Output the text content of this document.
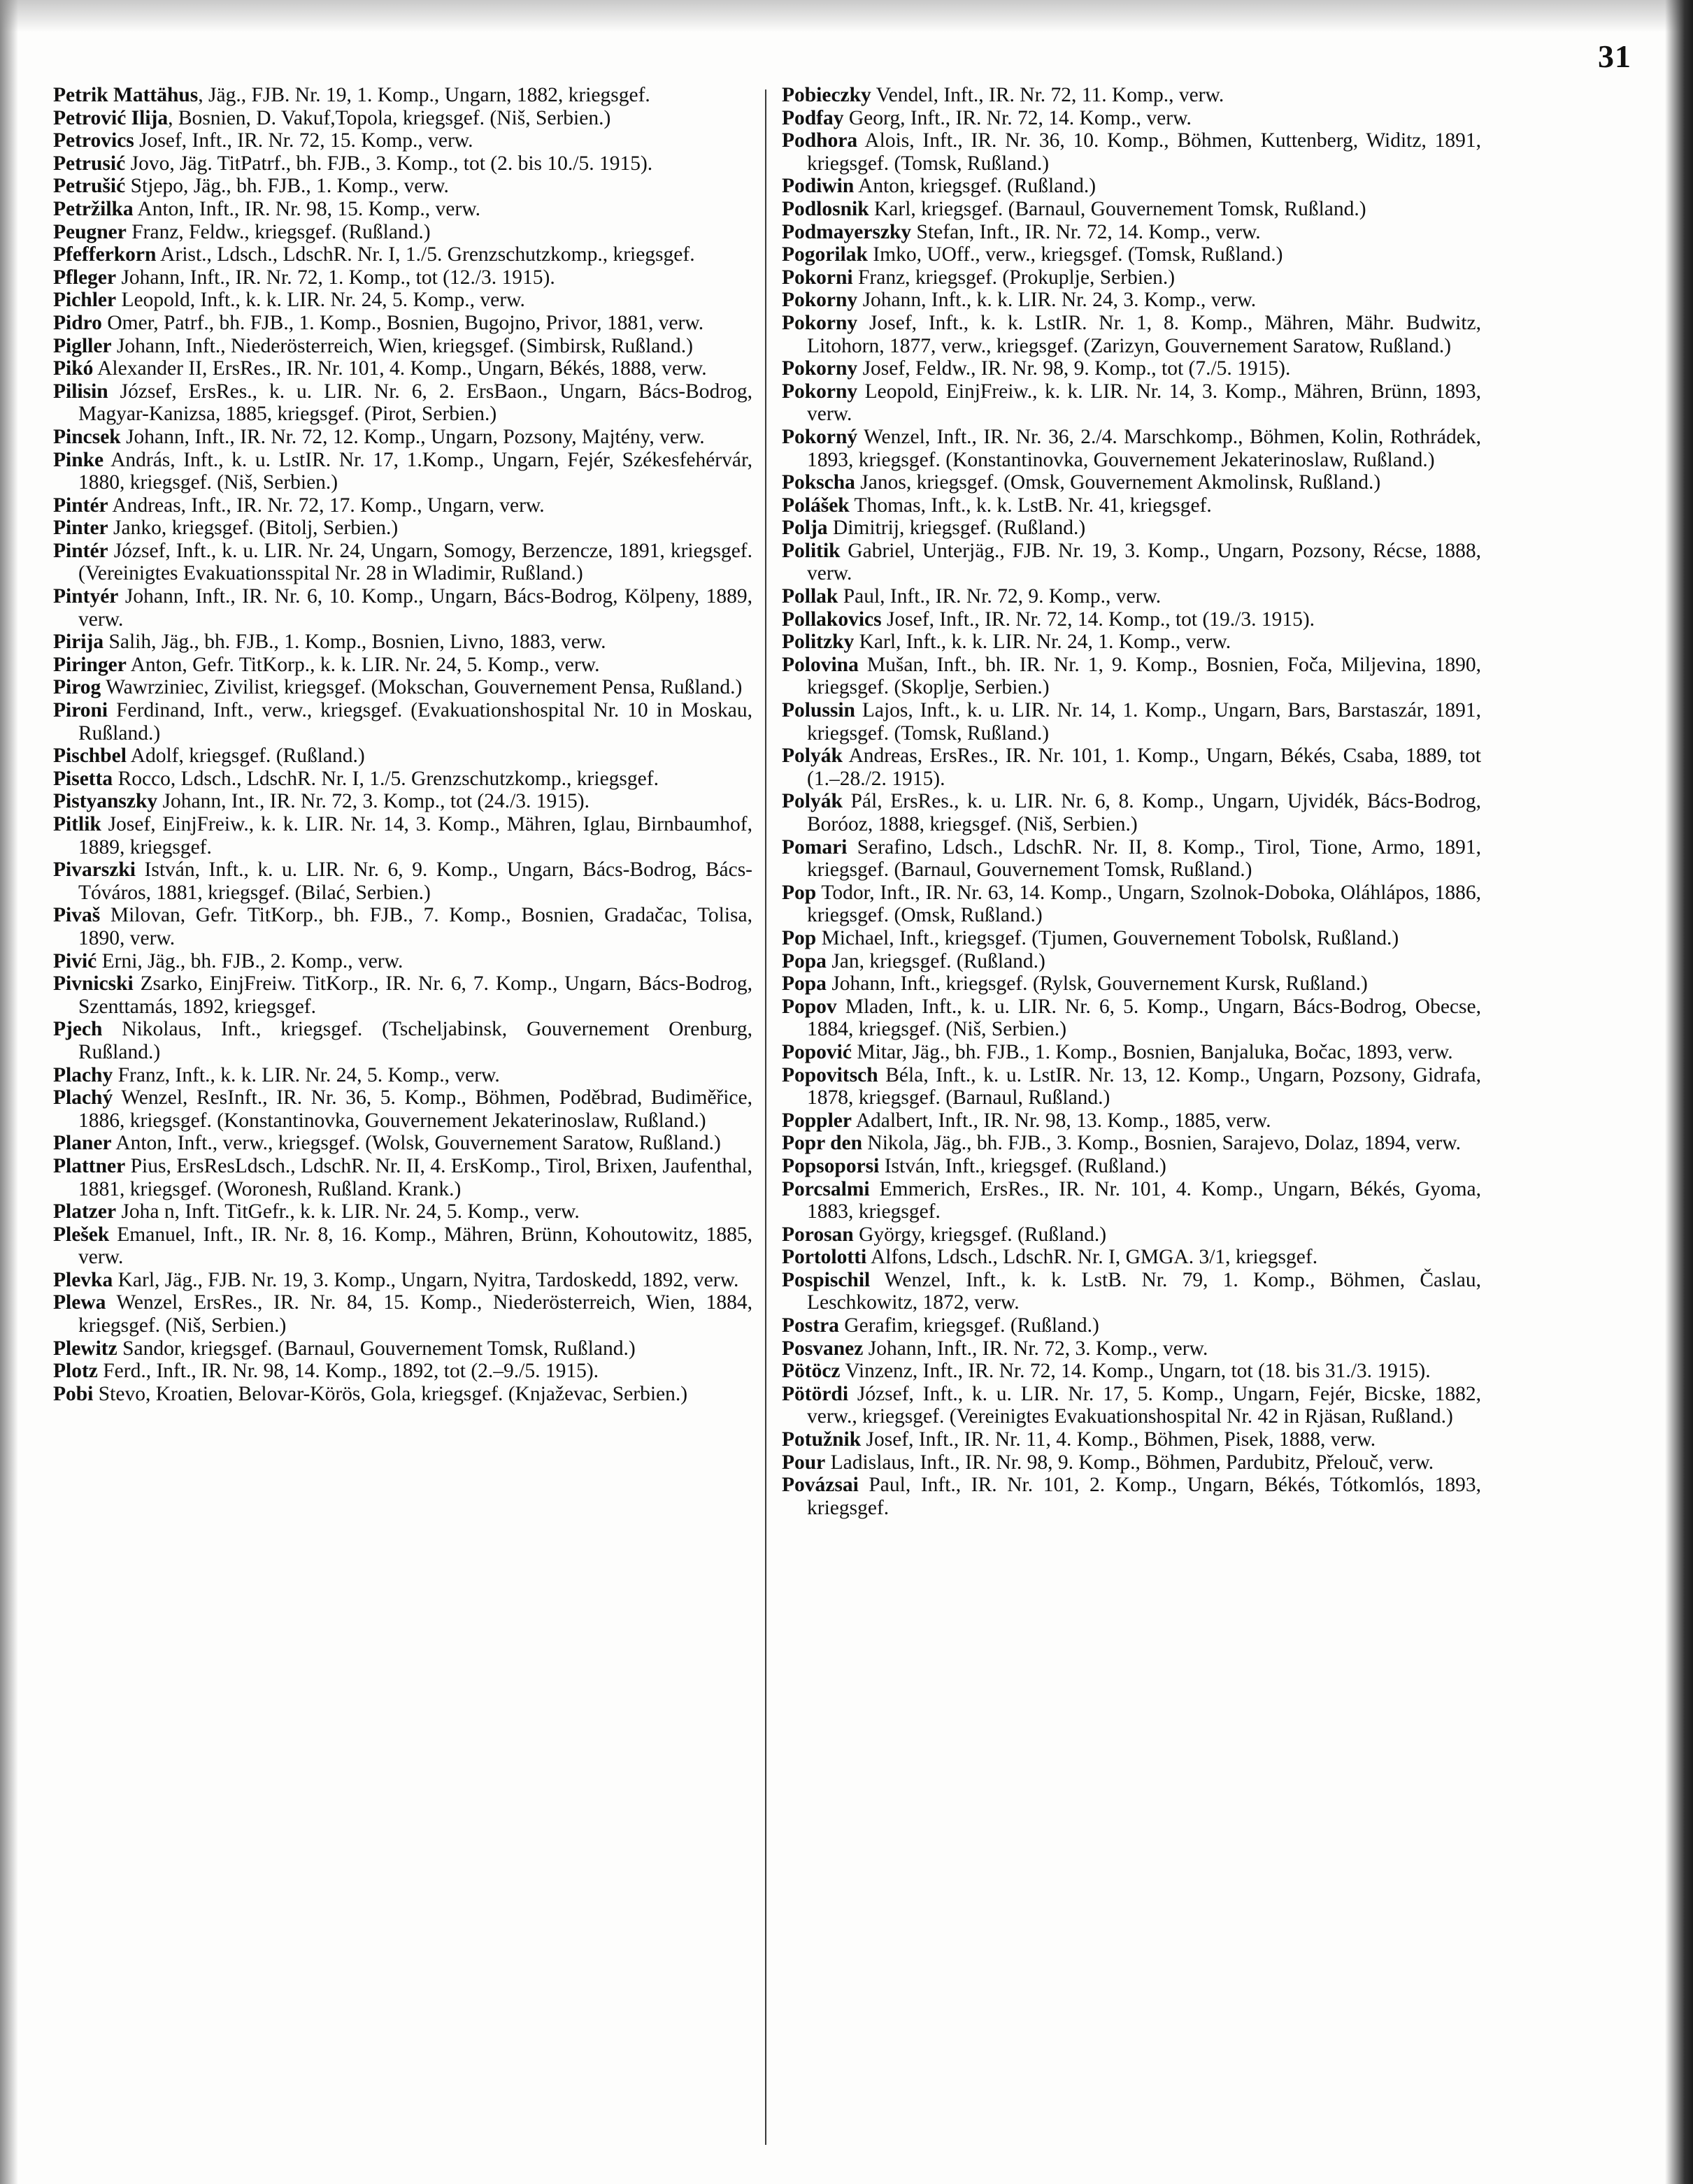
31
Petrik Mattähus, Jäg., FJB. Nr. 19, 1. Komp., Ungarn, 1882, kriegsgef.
Petrović Ilija, Bosnien, D. Vakuf,Topola, kriegsgef. (Niš, Serbien.)
Petrovics Josef, Inft., IR. Nr. 72, 15. Komp., verw.
Petrusić Jovo, Jäg. TitPatrf., bh. FJB., 3. Komp., tot (2. bis 10./5. 1915).
Petrušić Stjepo, Jäg., bh. FJB., 1. Komp., verw.
Petržilka Anton, Inft., IR. Nr. 98, 15. Komp., verw.
Peugner Franz, Feldw., kriegsgef. (Rußland.)
Pfefferkorn Arist., Ldsch., LdschR. Nr. I, 1./5. Grenzschutzkomp., kriegsgef.
Pfleger Johann, Inft., IR. Nr. 72, 1. Komp., tot (12./3. 1915).
Pichler Leopold, Inft., k. k. LIR. Nr. 24, 5. Komp., verw.
Pidro Omer, Patrf., bh. FJB., 1. Komp., Bosnien, Bugojno, Privor, 1881, verw.
Pigller Johann, Inft., Niederösterreich, Wien, kriegsgef. (Simbirsk, Rußland.)
Pikó Alexander II, ErsRes., IR. Nr. 101, 4. Komp., Ungarn, Békés, 1888, verw.
Pilisin József, ErsRes., k. u. LIR. Nr. 6, 2. ErsBaon., Ungarn, Bács-Bodrog, Magyar-Kanizsa, 1885, kriegsgef. (Pirot, Serbien.)
Pincsek Johann, Inft., IR. Nr. 72, 12. Komp., Ungarn, Pozsony, Majtény, verw.
Pinke András, Inft., k. u. LstIR. Nr. 17, 1.Komp., Ungarn, Fejér, Székesfehérvár, 1880, kriegsgef. (Niš, Serbien.)
Pintér Andreas, Inft., IR. Nr. 72, 17. Komp., Ungarn, verw.
Pinter Janko, kriegsgef. (Bitolj, Serbien.)
Pintér József, Inft., k. u. LIR. Nr. 24, Ungarn, Somogy, Berzencze, 1891, kriegsgef. (Vereinigtes Evakuationsspital Nr. 28 in Wladimir, Rußland.)
Pintyér Johann, Inft., IR. Nr. 6, 10. Komp., Ungarn, Bács-Bodrog, Kölpeny, 1889, verw.
Pirija Salih, Jäg., bh. FJB., 1. Komp., Bosnien, Livno, 1883, verw.
Piringer Anton, Gefr. TitKorp., k. k. LIR. Nr. 24, 5. Komp., verw.
Pirog Wawrziniec, Zivilist, kriegsgef. (Mokschan, Gouvernement Pensa, Rußland.)
Pironi Ferdinand, Inft., verw., kriegsgef. (Evakuationshospital Nr. 10 in Moskau, Rußland.)
Pischbel Adolf, kriegsgef. (Rußland.)
Pisetta Rocco, Ldsch., LdschR. Nr. I, 1./5. Grenzschutzkomp., kriegsgef.
Pistyanszky Johann, Int., IR. Nr. 72, 3. Komp., tot (24./3. 1915).
Pitlik Josef, EinjFreiw., k. k. LIR. Nr. 14, 3. Komp., Mähren, Iglau, Birnbaumhof, 1889, kriegsgef.
Pivarszki István, Inft., k. u. LIR. Nr. 6, 9. Komp., Ungarn, Bács-Bodrog, Bács-Tóváros, 1881, kriegsgef. (Bilać, Serbien.)
Pivaš Milovan, Gefr. TitKorp., bh. FJB., 7. Komp., Bosnien, Gradačac, Tolisa, 1890, verw.
Pivić Erni, Jäg., bh. FJB., 2. Komp., verw.
Pivnicski Zsarko, EinjFreiw. TitKorp., IR. Nr. 6, 7. Komp., Ungarn, Bács-Bodrog, Szenttamás, 1892, kriegsgef.
Pjech Nikolaus, Inft., kriegsgef. (Tscheljabinsk, Gouvernement Orenburg, Rußland.)
Plachy Franz, Inft., k. k. LIR. Nr. 24, 5. Komp., verw.
Plachý Wenzel, ResInft., IR. Nr. 36, 5. Komp., Böhmen, Poděbrad, Budiměřice, 1886, kriegsgef. (Konstantinovka, Gouvernement Jekaterinoslaw, Rußland.)
Planer Anton, Inft., verw., kriegsgef. (Wolsk, Gouvernement Saratow, Rußland.)
Plattner Pius, ErsResLdsch., LdschR. Nr. II, 4. ErsKomp., Tirol, Brixen, Jaufenthal, 1881, kriegsgef. (Woronesh, Rußland. Krank.)
Platzer Joha n, Inft. TitGefr., k. k. LIR. Nr. 24, 5. Komp., verw.
Plešek Emanuel, Inft., IR. Nr. 8, 16. Komp., Mähren, Brünn, Kohoutowitz, 1885, verw.
Plevka Karl, Jäg., FJB. Nr. 19, 3. Komp., Ungarn, Nyitra, Tardoskedd, 1892, verw.
Plewa Wenzel, ErsRes., IR. Nr. 84, 15. Komp., Niederösterreich, Wien, 1884, kriegsgef. (Niš, Serbien.)
Plewitz Sandor, kriegsgef. (Barnaul, Gouvernement Tomsk, Rußland.)
Plotz Ferd., Inft., IR. Nr. 98, 14. Komp., 1892, tot (2.–9./5. 1915).
Pobi Stevo, Kroatien, Belovar-Körös, Gola, kriegsgef. (Knjaževac, Serbien.)
Pobieczky Vendel, Inft., IR. Nr. 72, 11. Komp., verw.
Podfay Georg, Inft., IR. Nr. 72, 14. Komp., verw.
Podhora Alois, Inft., IR. Nr. 36, 10. Komp., Böhmen, Kuttenberg, Widitz, 1891, kriegsgef. (Tomsk, Rußland.)
Podiwin Anton, kriegsgef. (Rußland.)
Podlosnik Karl, kriegsgef. (Barnaul, Gouvernement Tomsk, Rußland.)
Podmayerszky Stefan, Inft., IR. Nr. 72, 14. Komp., verw.
Pogorilak Imko, UOff., verw., kriegsgef. (Tomsk, Rußland.)
Pokorni Franz, kriegsgef. (Prokuplje, Serbien.)
Pokorny Johann, Inft., k. k. LIR. Nr. 24, 3. Komp., verw.
Pokorny Josef, Inft., k. k. LstIR. Nr. 1, 8. Komp., Mähren, Mähr. Budwitz, Litohorn, 1877, verw., kriegsgef. (Zarizyn, Gouvernement Saratow, Rußland.)
Pokorny Josef, Feldw., IR. Nr. 98, 9. Komp., tot (7./5. 1915).
Pokorny Leopold, EinjFreiw., k. k. LIR. Nr. 14, 3. Komp., Mähren, Brünn, 1893, verw.
Pokorný Wenzel, Inft., IR. Nr. 36, 2./4. Marschkomp., Böhmen, Kolin, Rothrádek, 1893, kriegsgef. (Konstantinovka, Gouvernement Jekaterinoslaw, Rußland.)
Pokscha Janos, kriegsgef. (Omsk, Gouvernement Akmolinsk, Rußland.)
Polášek Thomas, Inft., k. k. LstB. Nr. 41, kriegsgef.
Polja Dimitrij, kriegsgef. (Rußland.)
Politik Gabriel, Unterjäg., FJB. Nr. 19, 3. Komp., Ungarn, Pozsony, Récse, 1888, verw.
Pollak Paul, Inft., IR. Nr. 72, 9. Komp., verw.
Pollakovics Josef, Inft., IR. Nr. 72, 14. Komp., tot (19./3. 1915).
Politzky Karl, Inft., k. k. LIR. Nr. 24, 1. Komp., verw.
Polovina Mušan, Inft., bh. IR. Nr. 1, 9. Komp., Bosnien, Foča, Miljevina, 1890, kriegsgef. (Skoplje, Serbien.)
Polussin Lajos, Inft., k. u. LIR. Nr. 14, 1. Komp., Ungarn, Bars, Barstaszár, 1891, kriegsgef. (Tomsk, Rußland.)
Polyák Andreas, ErsRes., IR. Nr. 101, 1. Komp., Ungarn, Békés, Csaba, 1889, tot (1.–28./2. 1915).
Polyák Pál, ErsRes., k. u. LIR. Nr. 6, 8. Komp., Ungarn, Ujvidék, Bács-Bodrog, Boróoz, 1888, kriegsgef. (Niš, Serbien.)
Pomari Serafino, Ldsch., LdschR. Nr. II, 8. Komp., Tirol, Tione, Armo, 1891, kriegsgef. (Barnaul, Gouvernement Tomsk, Rußland.)
Pop Todor, Inft., IR. Nr. 63, 14. Komp., Ungarn, Szolnok-Doboka, Oláhlápos, 1886, kriegsgef. (Omsk, Rußland.)
Pop Michael, Inft., kriegsgef. (Tjumen, Gouvernement Tobolsk, Rußland.)
Popa Jan, kriegsgef. (Rußland.)
Popa Johann, Inft., kriegsgef. (Rylsk, Gouvernement Kursk, Rußland.)
Popov Mladen, Inft., k. u. LIR. Nr. 6, 5. Komp., Ungarn, Bács-Bodrog, Obecse, 1884, kriegsgef. (Niš, Serbien.)
Popović Mitar, Jäg., bh. FJB., 1. Komp., Bosnien, Banjaluka, Bočac, 1893, verw.
Popovitsch Béla, Inft., k. u. LstIR. Nr. 13, 12. Komp., Ungarn, Pozsony, Gidrafa, 1878, kriegsgef. (Barnaul, Rußland.)
Poppler Adalbert, Inft., IR. Nr. 98, 13. Komp., 1885, verw.
Popr den Nikola, Jäg., bh. FJB., 3. Komp., Bosnien, Sarajevo, Dolaz, 1894, verw.
Popsoporsi István, Inft., kriegsgef. (Rußland.)
Porcsalmi Emmerich, ErsRes., IR. Nr. 101, 4. Komp., Ungarn, Békés, Gyoma, 1883, kriegsgef.
Porosan György, kriegsgef. (Rußland.)
Portolotti Alfons, Ldsch., LdschR. Nr. I, GMGA. 3/1, kriegsgef.
Pospischil Wenzel, Inft., k. k. LstB. Nr. 79, 1. Komp., Böhmen, Časlau, Leschkowitz, 1872, verw.
Postra Gerafim, kriegsgef. (Rußland.)
Posvanez Johann, Inft., IR. Nr. 72, 3. Komp., verw.
Pötöcz Vinzenz, Inft., IR. Nr. 72, 14. Komp., Ungarn, tot (18. bis 31./3. 1915).
Pötördi József, Inft., k. u. LIR. Nr. 17, 5. Komp., Ungarn, Fejér, Bicske, 1882, verw., kriegsgef. (Vereinigtes Evakuationshospital Nr. 42 in Rjäsan, Rußland.)
Potužnik Josef, Inft., IR. Nr. 11, 4. Komp., Böhmen, Pisek, 1888, verw.
Pour Ladislaus, Inft., IR. Nr. 98, 9. Komp., Böhmen, Pardubitz, Přelouč, verw.
Povázsai Paul, Inft., IR. Nr. 101, 2. Komp., Ungarn, Békés, Tótkomlós, 1893, kriegsgef.
